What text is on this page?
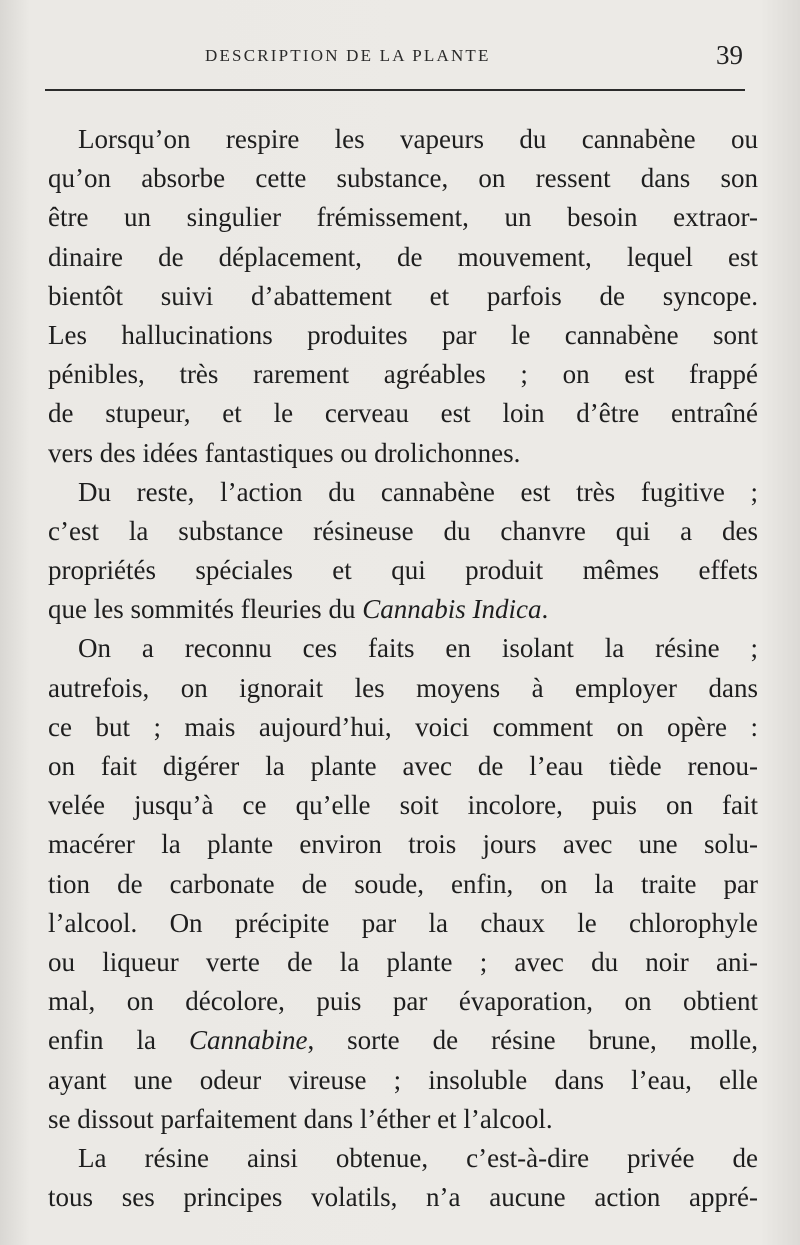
DESCRIPTION DE LA PLANTE	39
Lorsqu’on respire les vapeurs du cannabène ou
qu’on absorbe cette substance, on ressent dans son
être un singulier frémissement, un besoin extraor-
dinaire de déplacement, de mouvement, lequel est
bientôt suivi d’abattement et parfois de syncope.
Les hallucinations produites par le cannabène sont
pénibles, très rarement agréables ; on est frappé
de stupeur, et le cerveau est loin d’être entraîné
vers des idées fantastiques ou drolichonnes.
Du reste, l’action du cannabène est très fugitive ;
c’est la substance résineuse du chanvre qui a des
propriétés spéciales et qui produit mêmes effets
que les sommités fleuries du Cannabis Indica.
On a reconnu ces faits en isolant la résine ;
autrefois, on ignorait les moyens à employer dans
ce but ; mais aujourd’hui, voici comment on opère :
on fait digérer la plante avec de l’eau tiède renou-
velée jusqu’à ce qu’elle soit incolore, puis on fait
macérer la plante environ trois jours avec une solu-
tion de carbonate de soude, enfin, on la traite par
l’alcool. On précipite par la chaux le chlorophyle
ou liqueur verte de la plante ; avec du noir ani-
mal, on décolore, puis par évaporation, on obtient
enfin la Cannabine, sorte de résine brune, molle,
ayant une odeur vireuse ; insoluble dans l’eau, elle
se dissout parfaitement dans l’éther et l’alcool.
La résine ainsi obtenue, c’est-à-dire privée de
tous ses principes volatils, n’a aucune action appré-
